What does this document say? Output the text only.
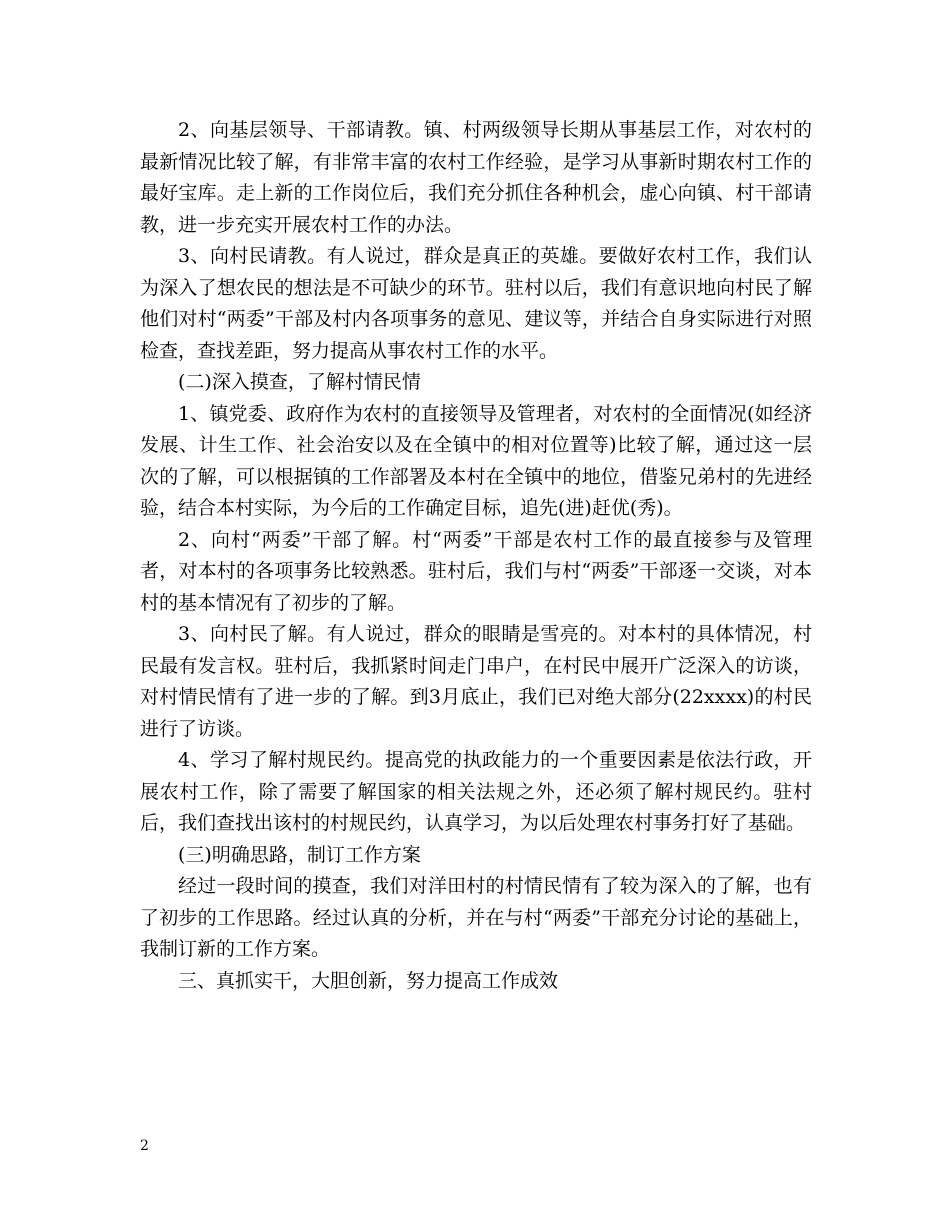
2、向基层领导、干部请教。镇、村两级领导长期从事基层工作，对农村的最新情况比较了解，有非常丰富的农村工作经验，是学习从事新时期农村工作的最好宝库。走上新的工作岗位后，我们充分抓住各种机会，虚心向镇、村干部请教，进一步充实开展农村工作的办法。

3、向村民请教。有人说过，群众是真正的英雄。要做好农村工作，我们认为深入了想农民的想法是不可缺少的环节。驻村以后，我们有意识地向村民了解他们对村“两委”干部及村内各项事务的意见、建议等，并结合自身实际进行对照检查，查找差距，努力提高从事农村工作的水平。

(二)深入摸查，了解村情民情

1、镇党委、政府作为农村的直接领导及管理者，对农村的全面情况(如经济发展、计生工作、社会治安以及在全镇中的相对位置等)比较了解，通过这一层次的了解，可以根据镇的工作部署及本村在全镇中的地位，借鉴兄弟村的先进经验，结合本村实际，为今后的工作确定目标，追先(进)赶优(秀)。

2、向村“两委”干部了解。村“两委”干部是农村工作的最直接参与及管理者，对本村的各项事务比较熟悉。驻村后，我们与村“两委”干部逐一交谈，对本村的基本情况有了初步的了解。

3、向村民了解。有人说过，群众的眼睛是雪亮的。对本村的具体情况，村民最有发言权。驻村后，我抓紧时间走门串户，在村民中展开广泛深入的访谈，对村情民情有了进一步的了解。到3月底止，我们已对绝大部分(22xxxx)的村民进行了访谈。

4、学习了解村规民约。提高党的执政能力的一个重要因素是依法行政，开展农村工作，除了需要了解国家的相关法规之外，还必须了解村规民约。驻村后，我们查找出该村的村规民约，认真学习，为以后处理农村事务打好了基础。

(三)明确思路，制订工作方案

经过一段时间的摸查，我们对洋田村的村情民情有了较为深入的了解，也有了初步的工作思路。经过认真的分析，并在与村“两委”干部充分讨论的基础上，我制订新的工作方案。

三、真抓实干，大胆创新，努力提高工作成效

2
